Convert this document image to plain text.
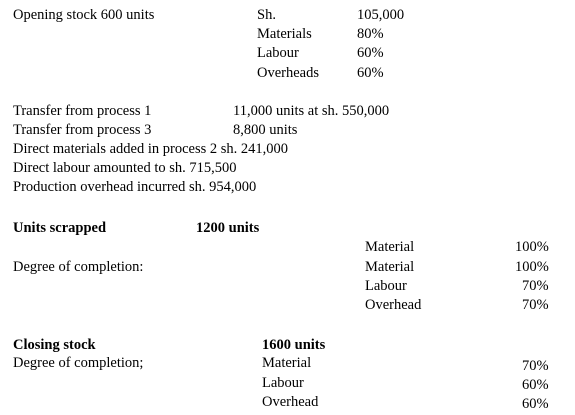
Opening stock 600 units	Sh.	105,000
Materials	80%
Labour	60%
Overheads	60%
Transfer from process 1	11,000 units at sh. 550,000
Transfer from process 3	8,800 units
Direct materials added in process 2 sh. 241,000
Direct labour amounted to sh. 715,500
Production overhead incurred sh. 954,000
Units scrapped	1200 units
Material	100%
Degree of completion:	Material	100%
Labour	70%
Overhead	70%
Closing stock	1600 units
Degree of completion;	Material	70%
Labour	60%
Overhead	60%
